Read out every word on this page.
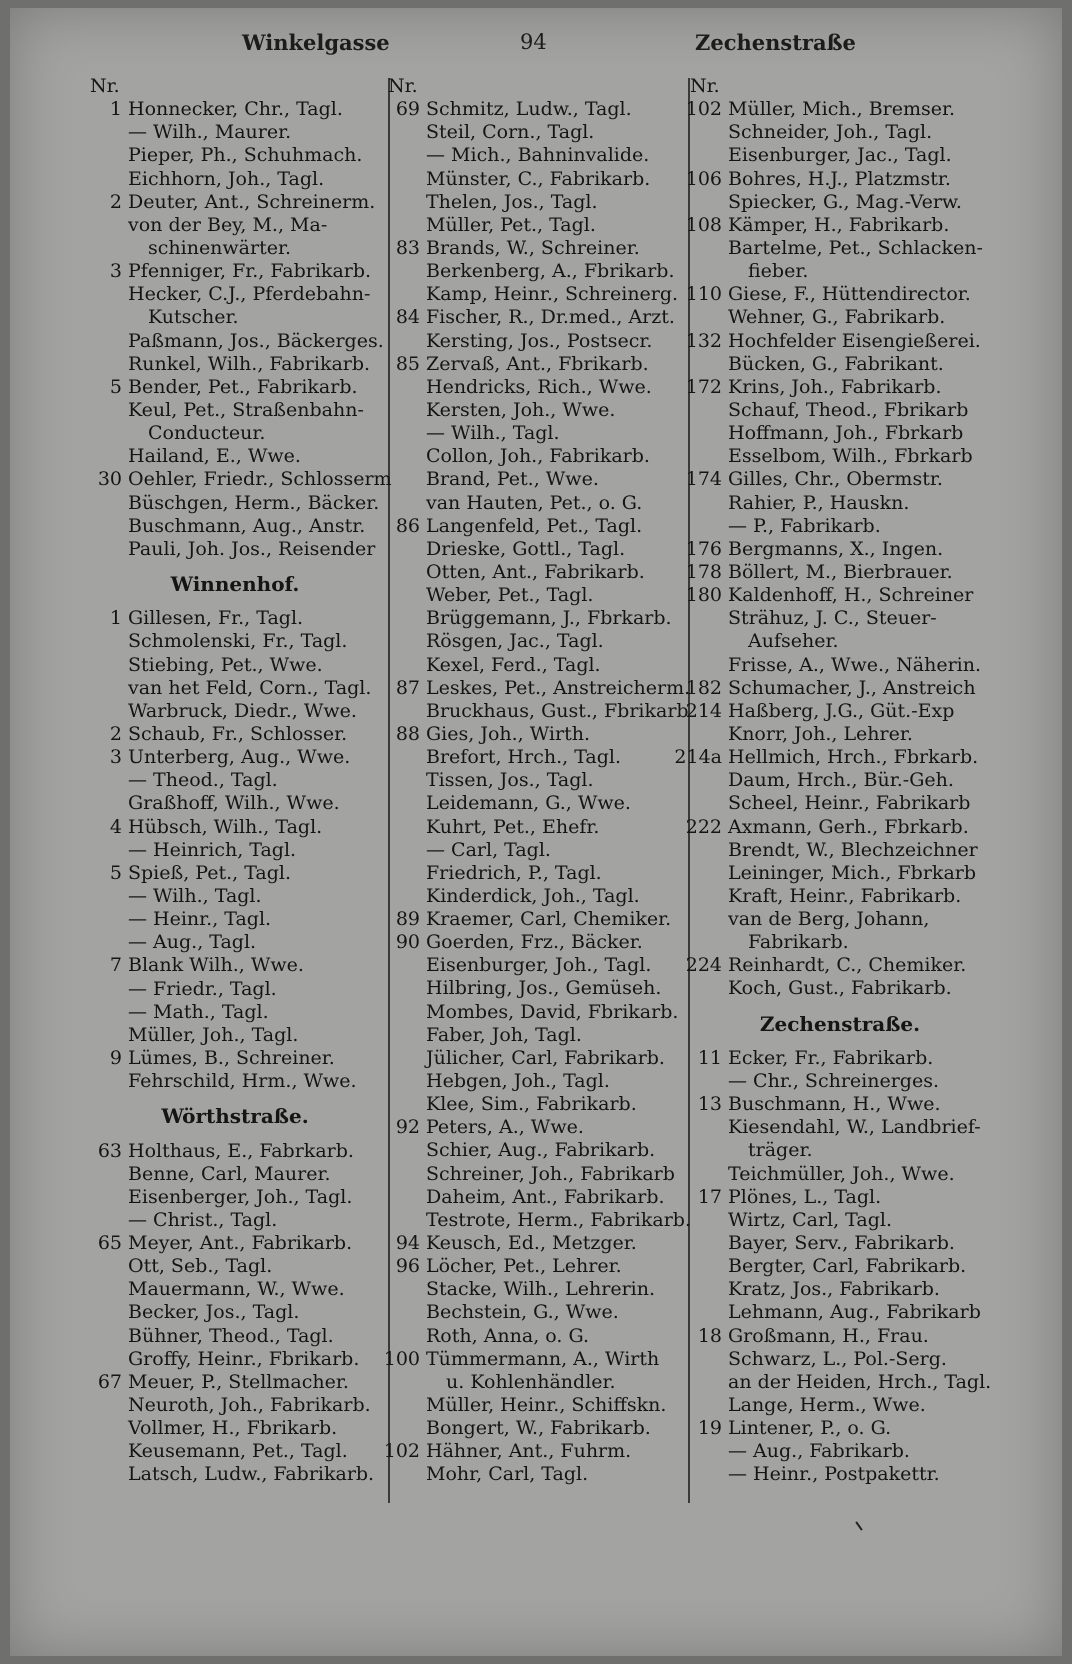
Winkelgasse	94	Zechenstraße
Nr.
1 Honnecker, Chr., Tagl.
— Wilh., Maurer.
Pieper, Ph., Schuhmach.
Eichhorn, Joh., Tagl.
2 Deuter, Ant., Schreinerm.
von der Bey, M., Ma-
schinenwärter.
3 Pfenniger, Fr., Fabrikarb.
Hecker, C.J., Pferdebahn-
Kutscher.
Paßmann, Jos., Bäckerges.
Runkel, Wilh., Fabrikarb.
5 Bender, Pet., Fabrikarb.
Keul, Pet., Straßenbahn-
Conducteur.
Hailand, E., Wwe.
30 Oehler, Friedr., Schlosserm
Büschgen, Herm., Bäcker.
Buschmann, Aug., Anstr.
Pauli, Joh. Jos., Reisender
Winnenhof.
1 Gillesen, Fr., Tagl.
Schmolenski, Fr., Tagl.
Stiebing, Pet., Wwe.
van het Feld, Corn., Tagl.
Warbruck, Diedr., Wwe.
2 Schaub, Fr., Schlosser.
3 Unterberg, Aug., Wwe.
— Theod., Tagl.
Graßhoff, Wilh., Wwe.
4 Hübsch, Wilh., Tagl.
— Heinrich, Tagl.
5 Spieß, Pet., Tagl.
— Wilh., Tagl.
— Heinr., Tagl.
— Aug., Tagl.
7 Blank Wilh., Wwe.
— Friedr., Tagl.
— Math., Tagl.
Müller, Joh., Tagl.
9 Lümes, B., Schreiner.
Fehrschild, Hrm., Wwe.
Wörthstraße.
63 Holthaus, E., Fabrkarb.
Benne, Carl, Maurer.
Eisenberger, Joh., Tagl.
— Christ., Tagl.
65 Meyer, Ant., Fabrikarb.
Ott, Seb., Tagl.
Mauermann, W., Wwe.
Becker, Jos., Tagl.
Bühner, Theod., Tagl.
Groffy, Heinr., Fbrikarb.
67 Meuer, P., Stellmacher.
Neuroth, Joh., Fabrikarb.
Vollmer, H., Fbrikarb.
Keusemann, Pet., Tagl.
Latsch, Ludw., Fabrikarb.
Nr.
69 Schmitz, Ludw., Tagl.
Steil, Corn., Tagl.
— Mich., Bahninvalide.
Münster, C., Fabrikarb.
Thelen, Jos., Tagl.
Müller, Pet., Tagl.
83 Brands, W., Schreiner.
Berkenberg, A., Fbrikarb.
Kamp, Heinr., Schreinerg.
84 Fischer, R., Dr.med., Arzt.
Kersting, Jos., Postsecr.
85 Zervaß, Ant., Fbrikarb.
Hendricks, Rich., Wwe.
Kersten, Joh., Wwe.
— Wilh., Tagl.
Collon, Joh., Fabrikarb.
Brand, Pet., Wwe.
van Hauten, Pet., o. G.
86 Langenfeld, Pet., Tagl.
Drieske, Gottl., Tagl.
Otten, Ant., Fabrikarb.
Weber, Pet., Tagl.
Brüggemann, J., Fbrkarb.
Rösgen, Jac., Tagl.
Kexel, Ferd., Tagl.
87 Leskes, Pet., Anstreicherm.
Bruckhaus, Gust., Fbrikarb
88 Gies, Joh., Wirth.
Brefort, Hrch., Tagl.
Tissen, Jos., Tagl.
Leidemann, G., Wwe.
Kuhrt, Pet., Ehefr.
— Carl, Tagl.
Friedrich, P., Tagl.
Kinderdick, Joh., Tagl.
89 Kraemer, Carl, Chemiker.
90 Goerden, Frz., Bäcker.
Eisenburger, Joh., Tagl.
Hilbring, Jos., Gemüseh.
Mombes, David, Fbrikarb.
Faber, Joh, Tagl.
Jülicher, Carl, Fabrikarb.
Hebgen, Joh., Tagl.
Klee, Sim., Fabrikarb.
92 Peters, A., Wwe.
Schier, Aug., Fabrikarb.
Schreiner, Joh., Fabrikarb
Daheim, Ant., Fabrikarb.
Testrote, Herm., Fabrikarb.
94 Keusch, Ed., Metzger.
96 Löcher, Pet., Lehrer.
Stacke, Wilh., Lehrerin.
Bechstein, G., Wwe.
Roth, Anna, o. G.
100 Tümmermann, A., Wirth
u. Kohlenhändler.
Müller, Heinr., Schiffskn.
Bongert, W., Fabrikarb.
102 Hähner, Ant., Fuhrm.
Mohr, Carl, Tagl.
Nr.
102 Müller, Mich., Bremser.
Schneider, Joh., Tagl.
Eisenburger, Jac., Tagl.
106 Bohres, H.J., Platzmstr.
Spiecker, G., Mag.-Verw.
108 Kämper, H., Fabrikarb.
Bartelme, Pet., Schlacken-
fieber.
110 Giese, F., Hüttendirector.
Wehner, G., Fabrikarb.
132 Hochfelder Eisengießerei.
Bücken, G., Fabrikant.
172 Krins, Joh., Fabrikarb.
Schauf, Theod., Fbrikarb
Hoffmann, Joh., Fbrkarb
Esselbom, Wilh., Fbrkarb
174 Gilles, Chr., Obermstr.
Rahier, P., Hauskn.
— P., Fabrikarb.
176 Bergmanns, X., Ingen.
178 Böllert, M., Bierbrauer.
180 Kaldenhoff, H., Schreiner
Strähuz, J. C., Steuer-
Aufseher.
Frisse, A., Wwe., Näherin.
182 Schumacher, J., Anstreich
214 Haßberg, J.G., Güt.-Exp
Knorr, Joh., Lehrer.
214a Hellmich, Hrch., Fbrkarb.
Daum, Hrch., Bür.-Geh.
Scheel, Heinr., Fabrikarb
222 Axmann, Gerh., Fbrkarb.
Brendt, W., Blechzeichner
Leininger, Mich., Fbrkarb
Kraft, Heinr., Fabrikarb.
van de Berg, Johann,
Fabrikarb.
224 Reinhardt, C., Chemiker.
Koch, Gust., Fabrikarb.
Zechenstraße.
11 Ecker, Fr., Fabrikarb.
— Chr., Schreinerges.
13 Buschmann, H., Wwe.
Kiesendahl, W., Landbrief-
träger.
Teichmüller, Joh., Wwe.
17 Plönes, L., Tagl.
Wirtz, Carl, Tagl.
Bayer, Serv., Fabrikarb.
Bergter, Carl, Fabrikarb.
Kratz, Jos., Fabrikarb.
Lehmann, Aug., Fabrikarb
18 Großmann, H., Frau.
Schwarz, L., Pol.-Serg.
an der Heiden, Hrch., Tagl.
Lange, Herm., Wwe.
19 Lintener, P., o. G.
— Aug., Fabrikarb.
— Heinr., Postpakettr.
